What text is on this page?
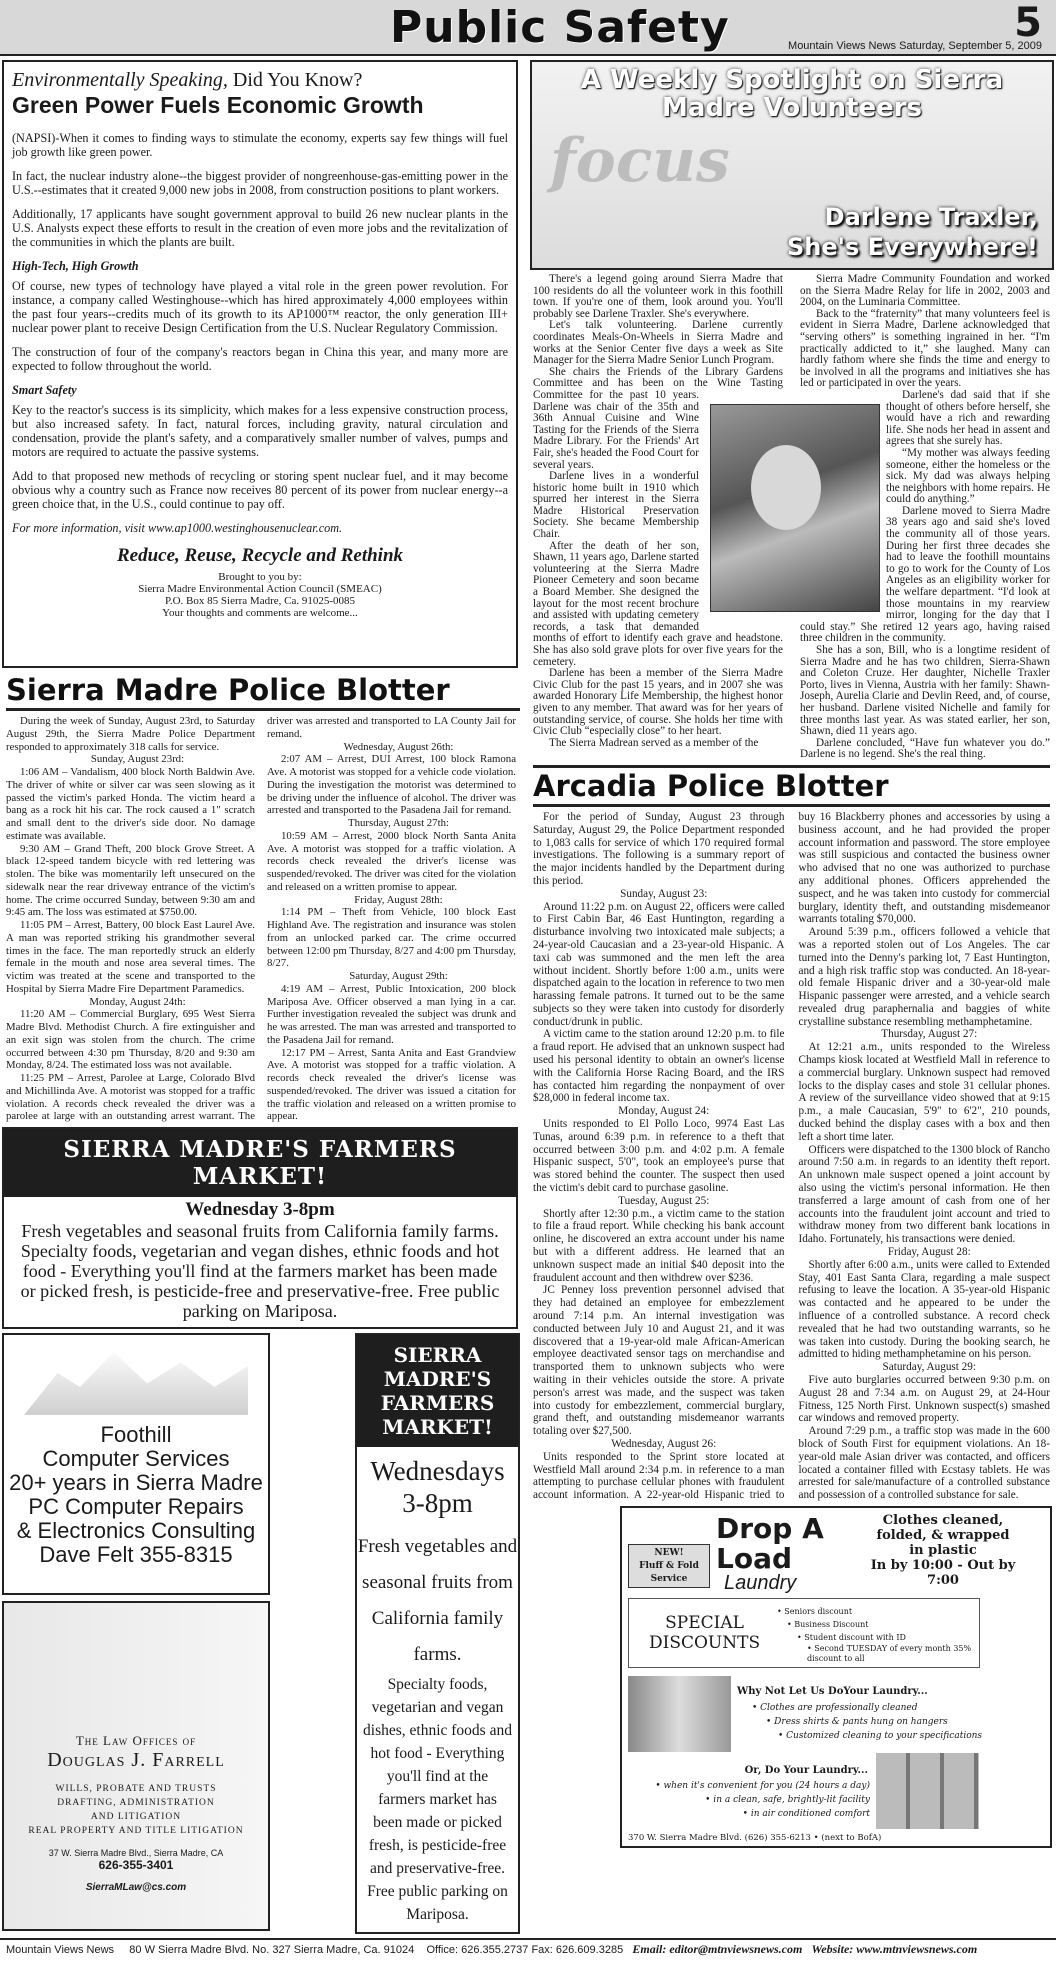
Public Safety	5
Mountain Views News Saturday, September 5, 2009

Environmentally Speaking, Did You Know?

Green Power Fuels Economic Growth

(NAPSI)-When it comes to finding ways to stimulate the economy, experts say few things will fuel job growth like green power.

In fact, the nuclear industry alone--the biggest provider of nongreenhouse-gas-emitting power in the U.S.--estimates that it created 9,000 new jobs in 2008, from construction positions to plant workers.

Additionally, 17 applicants have sought government approval to build 26 new nuclear plants in the U.S. Analysts expect these efforts to result in the creation of even more jobs and the revitalization of the communities in which the plants are built.

High-Tech, High Growth

Of course, new types of technology have played a vital role in the green power revolution. For instance, a company called Westinghouse--which has hired approximately 4,000 employees within the past four years--credits much of its growth to its AP1000™ reactor, the only generation III+ nuclear power plant to receive Design Certification from the U.S. Nuclear Regulatory Commission.

The construction of four of the company's reactors began in China this year, and many more are expected to follow throughout the world.

Smart Safety

Key to the reactor's success is its simplicity, which makes for a less expensive construction process, but also increased safety. In fact, natural forces, including gravity, natural circulation and condensation, provide the plant's safety, and a comparatively smaller number of valves, pumps and motors are required to actuate the passive systems.

Add to that proposed new methods of recycling or storing spent nuclear fuel, and it may become obvious why a country such as France now receives 80 percent of its power from nuclear energy--a green choice that, in the U.S., could continue to pay off.

For more information, visit www.ap1000.westinghousenuclear.com.

Reduce, Reuse, Recycle and Rethink
Brought to you by:
Sierra Madre Environmental Action Council (SMEAC)
P.O. Box 85 Sierra Madre, Ca. 91025-0085
Your thoughts and comments are welcome...
Sierra Madre Police Blotter

During the week of Sunday, August 23rd, to Saturday August 29th, the Sierra Madre Police Department responded to approximately 318 calls for service.

Sunday, August 23rd:

1:06 AM – Vandalism, 400 block North Baldwin Ave. The driver of white or silver car was seen slowing as it passed the victim's parked Honda. The victim heard a bang as a rock hit his car. The rock caused a 1" scratch and small dent to the driver's side door. No damage estimate was available.

9:30 AM – Grand Theft, 200 block Grove Street. A black 12-speed tandem bicycle with red lettering was stolen. The bike was momentarily left unsecured on the sidewalk near the rear driveway entrance of the victim's home. The crime occurred Sunday, between 9:30 am and 9:45 am. The loss was estimated at $750.00.

11:05 PM – Arrest, Battery, 00 block East Laurel Ave. A man was reported striking his grandmother several times in the face. The man reportedly struck an elderly female in the mouth and nose area several times. The victim was treated at the scene and transported to the Hospital by Sierra Madre Fire Department Paramedics.

Monday, August 24th:

11:20 AM – Commercial Burglary, 695 West Sierra Madre Blvd. Methodist Church. A fire extinguisher and an exit sign was stolen from the church. The crime occurred between 4:30 pm Thursday, 8/20 and 9:30 am Monday, 8/24. The estimated loss was not available.

11:25 PM – Arrest, Parolee at Large, Colorado Blvd and Michillinda Ave. A motorist was stopped for a traffic violation. A records check revealed the driver was a parolee at large with an outstanding arrest warrant. The driver was arrested and transported to LA County Jail for remand.

Wednesday, August 26th:

2:07 AM – Arrest, DUI Arrest, 100 block Ramona Ave. A motorist was stopped for a vehicle code violation. During the investigation the motorist was determined to be driving under the influence of alcohol. The driver was arrested and transported to the Pasadena Jail for remand.

Thursday, August 27th:

10:59 AM – Arrest, 2000 block North Santa Anita Ave. A motorist was stopped for a traffic violation. A records check revealed the driver's license was suspended/revoked. The driver was cited for the violation and released on a written promise to appear.

Friday, August 28th:

1:14 PM – Theft from Vehicle, 100 block East Highland Ave. The registration and insurance was stolen from an unlocked parked car. The crime occurred between 12:00 pm Thursday, 8/27 and 4:00 pm Thursday, 8/27.

Saturday, August 29th:

4:19 AM – Arrest, Public Intoxication, 200 block Mariposa Ave. Officer observed a man lying in a car. Further investigation revealed the subject was drunk and he was arrested. The man was arrested and transported to the Pasadena Jail for remand.

12:17 PM – Arrest, Santa Anita and East Grandview Ave. A motorist was stopped for a traffic violation. A records check revealed the driver's license was suspended/revoked. The driver was issued a citation for the traffic violation and released on a written promise to appear.

SIERRA MADRE'S FARMERS MARKET!
Wednesday 3-8pm
Fresh vegetables and seasonal fruits from California family farms. Specialty foods, vegetarian and vegan dishes, ethnic foods and hot food - Everything you'll find at the farmers market has been made or picked fresh, is pesticide-free and preservative-free. Free public parking on Mariposa.
Foothill
Computer Services
20+ years in Sierra Madre
PC Computer Repairs
& Electronics Consulting
Dave Felt 355-8315
The Law Offices of
Douglas J. Farrell
WILLS, PROBATE AND TRUSTS
DRAFTING, ADMINISTRATION
AND LITIGATION
REAL PROPERTY AND TITLE LITIGATION
37 W. Sierra Madre Blvd., Sierra Madre, CA
626-355-3401
SierraMLaw@cs.com
SIERRA MADRE'S FARMERS MARKET!
Wednesdays 3-8pm
Fresh vegetables and seasonal fruits from California family farms.
Specialty foods, vegetarian and vegan dishes, ethnic foods and hot food - Everything you'll find at the farmers market has been made or picked fresh, is pesticide-free and preservative-free. Free public parking on Mariposa.
focus
A Weekly Spotlight on Sierra Madre Volunteers
Darlene Traxler,
She's Everywhere!

There's a legend going around Sierra Madre that 100 residents do all the volunteer work in this foothill town. If you're one of them, look around you. You'll probably see Darlene Traxler. She's everywhere.

Let's talk volunteering. Darlene currently coordinates Meals-On-Wheels in Sierra Madre and works at the Senior Center five days a week as Site Manager for the Sierra Madre Senior Lunch Program.

She chairs the Friends of the Library Gardens Committee and has been on the Wine Tasting Committee for the past 10 years. Darlene was chair of the 35th and 36th Annual Cuisine and Wine Tasting for the Friends of the Sierra Madre Library. For the Friends' Art Fair, she's headed the Food Court for several years.

Darlene lives in a wonderful historic home built in 1910 which spurred her interest in the Sierra Madre Historical Preservation Society. She became Membership Chair.

After the death of her son, Shawn, 11 years ago, Darlene started volunteering at the Sierra Madre Pioneer Cemetery and soon became a Board Member. She designed the layout for the most recent brochure and assisted with updating cemetery records, a task that demanded months of effort to identify each grave and headstone. She has also sold grave plots for over five years for the cemetery.

Darlene has been a member of the Sierra Madre Civic Club for the past 15 years, and in 2007 she was awarded Honorary Life Membership, the highest honor given to any member. That award was for her years of outstanding service, of course. She holds her time with Civic Club “especially close” to her heart.

The Sierra Madrean served as a member of the

Sierra Madre Community Foundation and worked on the Sierra Madre Relay for life in 2002, 2003 and 2004, on the Luminaria Committee.

Back to the “fraternity” that many volunteers feel is evident in Sierra Madre, Darlene acknowledged that “serving others” is something ingrained in her. “I'm practically addicted to it,” she laughed. Many can hardly fathom where she finds the time and energy to be involved in all the programs and initiatives she has led or participated in over the years.

Darlene's dad said that if she thought of others before herself, she would have a rich and rewarding life. She nods her head in assent and agrees that she surely has.

“My mother was always feeding someone, either the homeless or the sick. My dad was always helping the neighbors with home repairs. He could do anything.”

Darlene moved to Sierra Madre 38 years ago and said she's loved the community all of those years. During her first three decades she had to leave the foothill mountains to go to work for the County of Los Angeles as an eligibility worker for the welfare department. “I'd look at those mountains in my rearview mirror, longing for the day that I could stay.” She retired 12 years ago, having raised three children in the community.

She has a son, Bill, who is a longtime resident of Sierra Madre and he has two children, Sierra-Shawn and Coleton Cruze. Her daughter, Nichelle Traxler Porto, lives in Vienna, Austria with her family: Shawn-Joseph, Aurelia Clarie and Devlin Reed, and, of course, her husband. Darlene visited Nichelle and family for three months last year. As was stated earlier, her son, Shawn, died 11 years ago.

Darlene concluded, “Have fun whatever you do.” Darlene is no legend. She's the real thing.

Arcadia Police Blotter

For the period of Sunday, August 23 through Saturday, August 29, the Police Department responded to 1,083 calls for service of which 170 required formal investigations. The following is a summary report of the major incidents handled by the Department during this period.

Sunday, August 23:

Around 11:22 p.m. on August 22, officers were called to First Cabin Bar, 46 East Huntington, regarding a disturbance involving two intoxicated male subjects; a 24-year-old Caucasian and a 23-year-old Hispanic. A taxi cab was summoned and the men left the area without incident. Shortly before 1:00 a.m., units were dispatched again to the location in reference to two men harassing female patrons. It turned out to be the same subjects so they were taken into custody for disorderly conduct/drunk in public.

A victim came to the station around 12:20 p.m. to file a fraud report. He advised that an unknown suspect had used his personal identity to obtain an owner's license with the California Horse Racing Board, and the IRS has contacted him regarding the nonpayment of over $28,000 in federal income tax.

Monday, August 24:

Units responded to El Pollo Loco, 9974 East Las Tunas, around 6:39 p.m. in reference to a theft that occurred between 3:00 p.m. and 4:02 p.m. A female Hispanic suspect, 5'0", took an employee's purse that was stored behind the counter. The suspect then used the victim's debit card to purchase gasoline.

Tuesday, August 25:

Shortly after 12:30 p.m., a victim came to the station to file a fraud report. While checking his bank account online, he discovered an extra account under his name but with a different address. He learned that an unknown suspect made an initial $40 deposit into the fraudulent account and then withdrew over $236.

JC Penney loss prevention personnel advised that they had detained an employee for embezzlement around 7:14 p.m. An internal investigation was conducted between July 10 and August 21, and it was discovered that a 19-year-old male African-American employee deactivated sensor tags on merchandise and transported them to unknown subjects who were waiting in their vehicles outside the store. A private person's arrest was made, and the suspect was taken into custody for embezzlement, commercial burglary, grand theft, and outstanding misdemeanor warrants totaling over $27,500.

Wednesday, August 26:

Units responded to the Sprint store located at Westfield Mall around 2:34 p.m. in reference to a man attempting to purchase cellular phones with fraudulent account information. A 22-year-old Hispanic tried to buy 16 Blackberry phones and accessories by using a business account, and he had provided the proper account information and password. The store employee was still suspicious and contacted the business owner who advised that no one was authorized to purchase any additional phones. Officers apprehended the suspect, and he was taken into custody for commercial burglary, identity theft, and outstanding misdemeanor warrants totaling $70,000.

Around 5:39 p.m., officers followed a vehicle that was a reported stolen out of Los Angeles. The car turned into the Denny's parking lot, 7 East Huntington, and a high risk traffic stop was conducted. An 18-year-old female Hispanic driver and a 30-year-old male Hispanic passenger were arrested, and a vehicle search revealed drug paraphernalia and baggies of white crystalline substance resembling methamphetamine.

Thursday, August 27:

At 12:21 a.m., units responded to the Wireless Champs kiosk located at Westfield Mall in reference to a commercial burglary. Unknown suspect had removed locks to the display cases and stole 31 cellular phones. A review of the surveillance video showed that at 9:15 p.m., a male Caucasian, 5'9" to 6'2", 210 pounds, ducked behind the display cases with a box and then left a short time later.

Officers were dispatched to the 1300 block of Rancho around 7:50 a.m. in regards to an identity theft report. An unknown male suspect opened a joint account by also using the victim's personal information. He then transferred a large amount of cash from one of her accounts into the fraudulent joint account and tried to withdraw money from two different bank locations in Idaho. Fortunately, his transactions were denied.

Friday, August 28:

Shortly after 6:00 a.m., units were called to Extended Stay, 401 East Santa Clara, regarding a male suspect refusing to leave the location. A 35-year-old Hispanic was contacted and he appeared to be under the influence of a controlled substance. A record check revealed that he had two outstanding warrants, so he was taken into custody. During the booking search, he admitted to hiding methamphetamine on his person.

Saturday, August 29:

Five auto burglaries occurred between 9:30 p.m. on August 28 and 7:34 a.m. on August 29, at 24-Hour Fitness, 125 North First. Unknown suspect(s) smashed car windows and removed property.

Around 7:29 p.m., a traffic stop was made in the 600 block of South First for equipment violations. An 18-year-old male Asian driver was contacted, and officers located a container filled with Ecstasy tablets. He was arrested for sale/manufacture of a controlled substance and possession of a controlled substance for sale.

NEW!
Fluff & Fold
Service
Drop A
Load
Laundry
Clothes cleaned,
folded, & wrapped
in plastic
In by 10:00 - Out by
7:00
SPECIAL
DISCOUNTS
• Seniors discount
• Business Discount
• Student discount with ID
• Second TUESDAY of every month 35% discount to all
Why Not Let Us DoYour Laundry...
• Clothes are professionally cleaned
• Dress shirts & pants hung on hangers
• Customized cleaning to your specifications
Or, Do Your Laundry...
• when it's convenient for you (24 hours a day)
• in a clean, safe, brightly-lit facility
• in air conditioned comfort
370 W. Sierra Madre Blvd. (626) 355-6213 • (next to BofA)
Mountain Views News 80 W Sierra Madre Blvd. No. 327 Sierra Madre, Ca. 91024 Office: 626.355.2737 Fax: 626.609.3285 Email: editor@mtnviewsnews.com Website: www.mtnviewsnews.com
